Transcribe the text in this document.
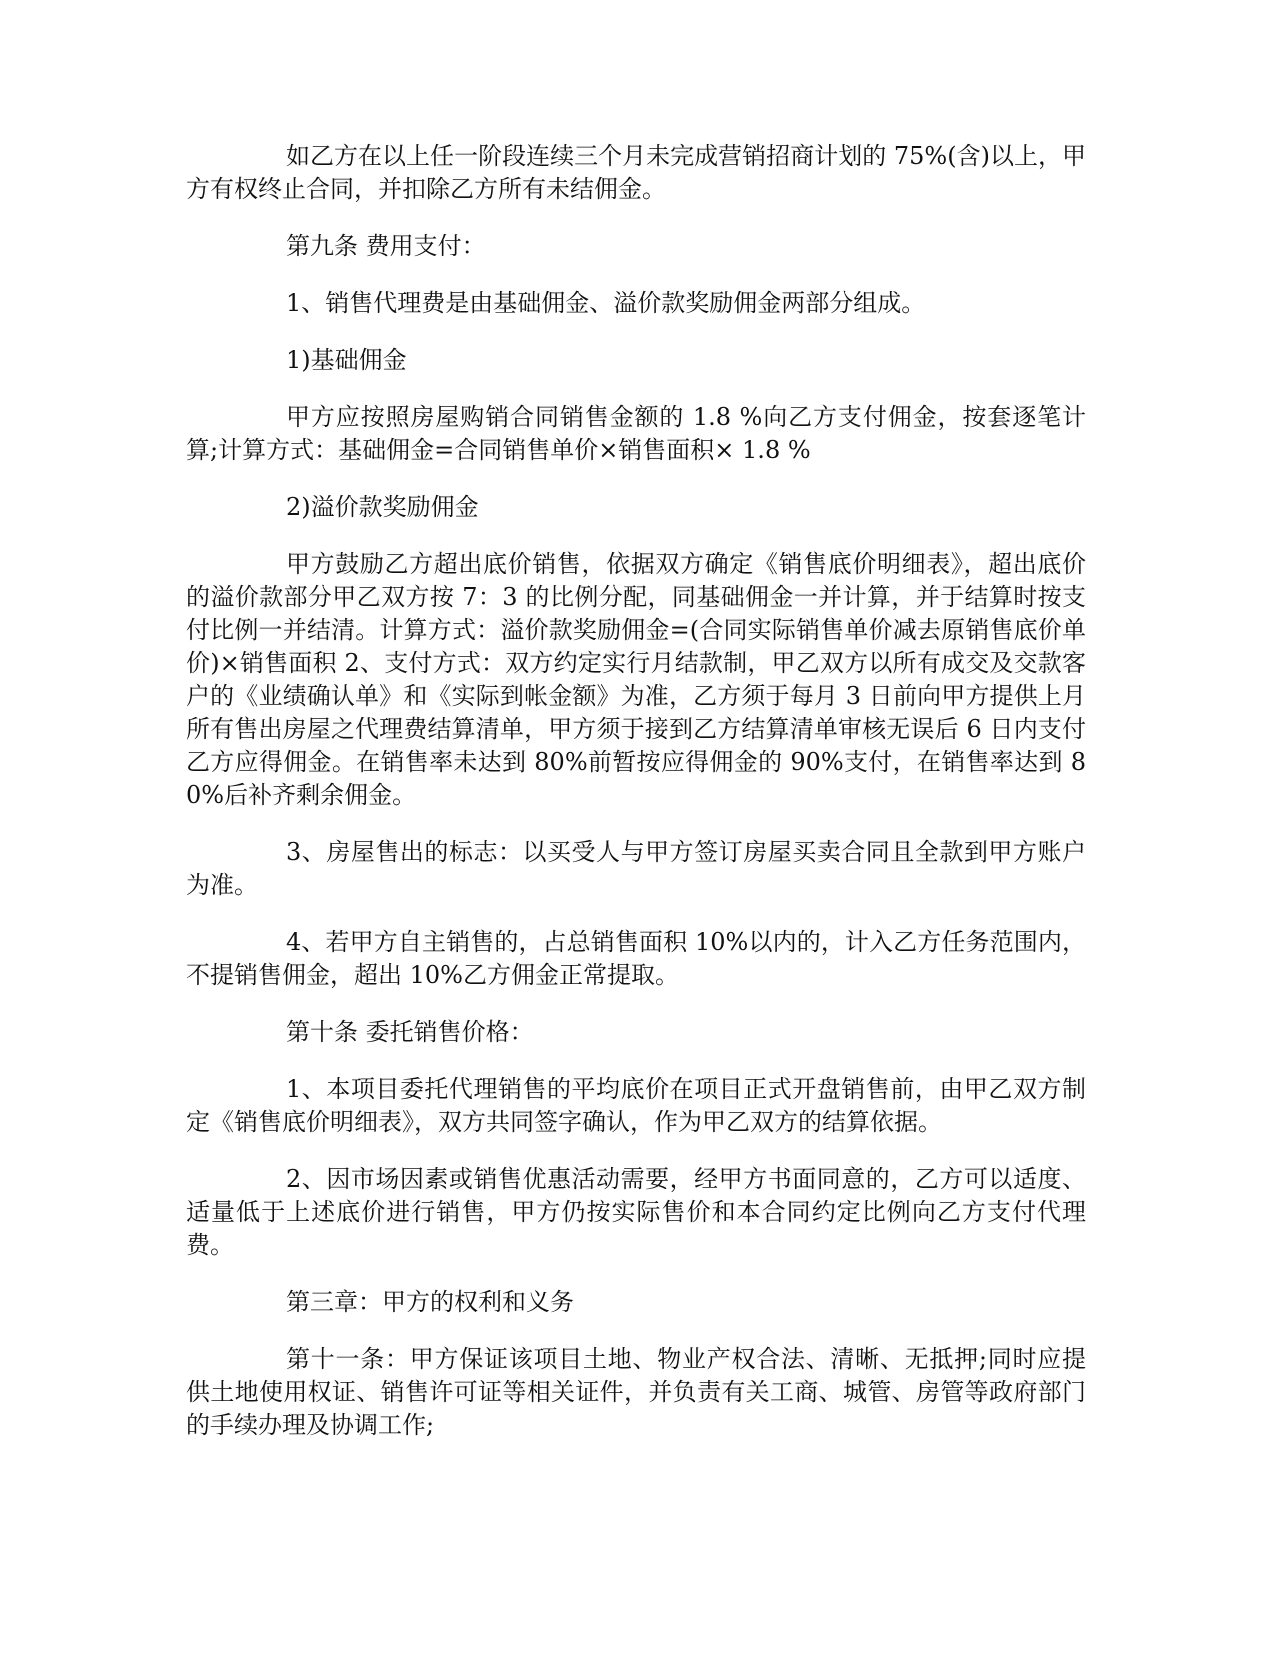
如乙方在以上任一阶段连续三个月未完成营销招商计划的 75%(含)以上，甲方有权终止合同，并扣除乙方所有未结佣金。

第九条 费用支付：

1、销售代理费是由基础佣金、溢价款奖励佣金两部分组成。

1)基础佣金

甲方应按照房屋购销合同销售金额的 1.8 %向乙方支付佣金，按套逐笔计算;计算方式：基础佣金=合同销售单价×销售面积× 1.8 %

2)溢价款奖励佣金

甲方鼓励乙方超出底价销售，依据双方确定《销售底价明细表》，超出底价的溢价款部分甲乙双方按 7：3 的比例分配，同基础佣金一并计算，并于结算时按支付比例一并结清。计算方式：溢价款奖励佣金=(合同实际销售单价减去原销售底价单价)×销售面积 2、支付方式：双方约定实行月结款制，甲乙双方以所有成交及交款客户的《业绩确认单》和《实际到帐金额》为准，乙方须于每月 3 日前向甲方提供上月所有售出房屋之代理费结算清单，甲方须于接到乙方结算清单审核无误后 6 日内支付乙方应得佣金。在销售率未达到 80%前暂按应得佣金的 90%支付，在销售率达到 80%后补齐剩余佣金。

3、房屋售出的标志：以买受人与甲方签订房屋买卖合同且全款到甲方账户为准。

4、若甲方自主销售的，占总销售面积 10%以内的，计入乙方任务范围内，不提销售佣金，超出 10%乙方佣金正常提取。

第十条 委托销售价格：

1、本项目委托代理销售的平均底价在项目正式开盘销售前，由甲乙双方制定《销售底价明细表》，双方共同签字确认，作为甲乙双方的结算依据。

2、因市场因素或销售优惠活动需要，经甲方书面同意的，乙方可以适度、适量低于上述底价进行销售，甲方仍按实际售价和本合同约定比例向乙方支付代理费。

第三章：甲方的权利和义务

第十一条：甲方保证该项目土地、物业产权合法、清晰、无抵押;同时应提供土地使用权证、销售许可证等相关证件，并负责有关工商、城管、房管等政府部门的手续办理及协调工作;
